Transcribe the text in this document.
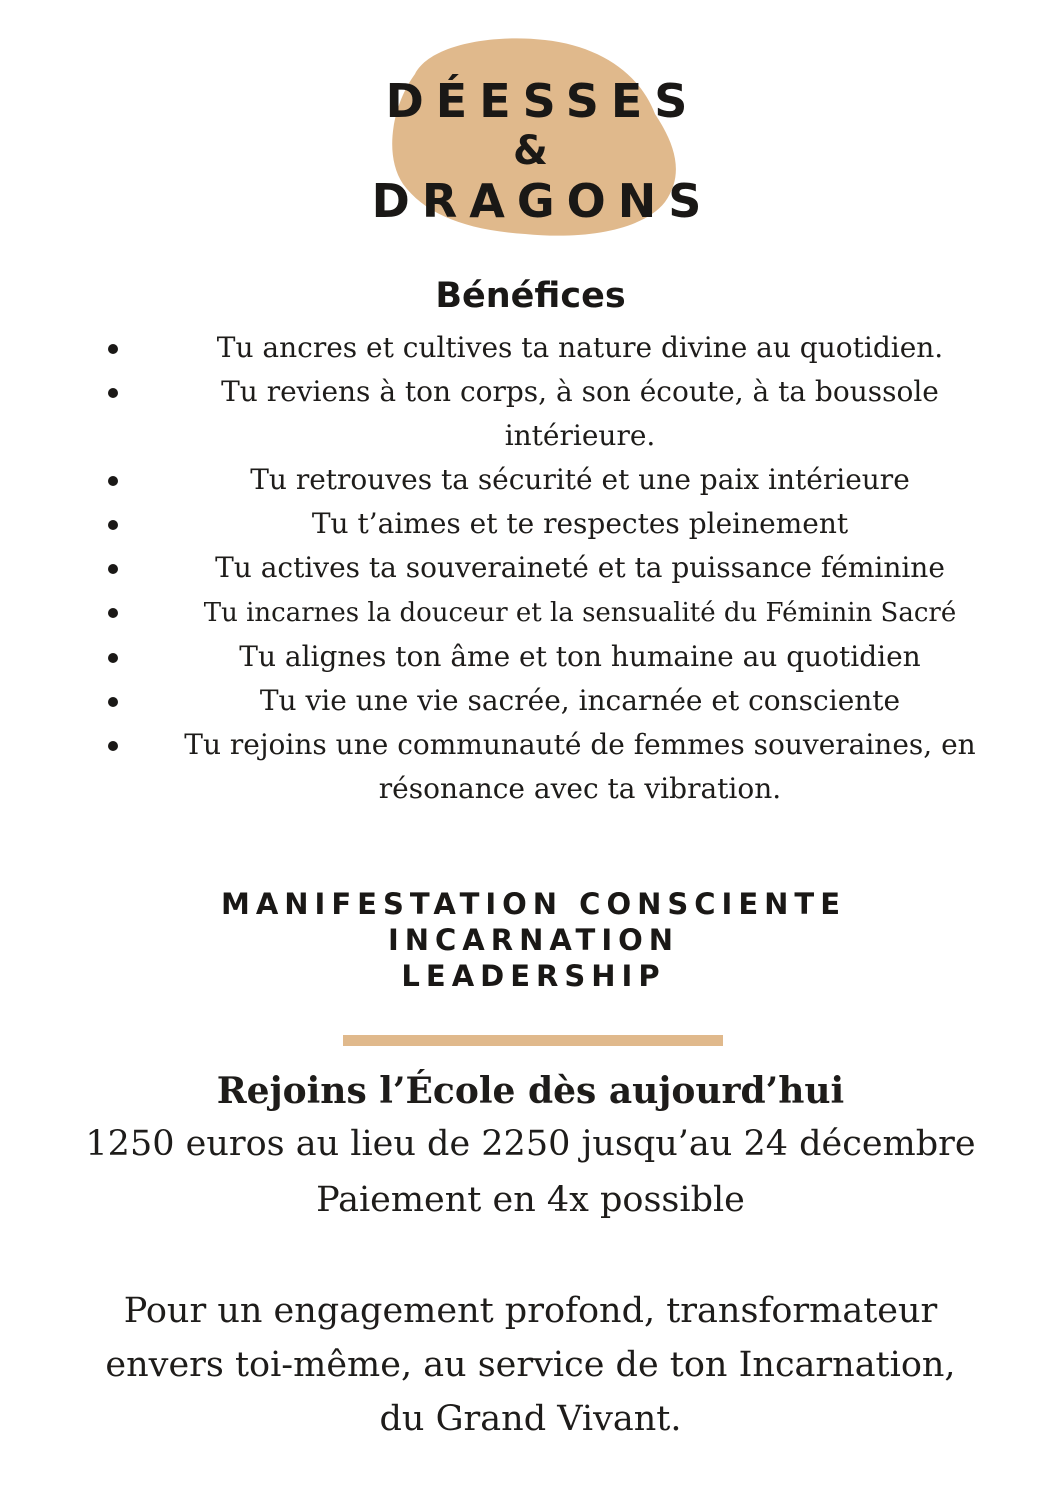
DÉESSES
&
DRAGONS
Bénéfices
Tu ancres et cultives ta nature divine au quotidien.
Tu reviens à ton corps, à son écoute, à ta boussole intérieure.
Tu retrouves ta sécurité et une paix intérieure
Tu t’aimes et te respectes pleinement
Tu actives ta souveraineté et ta puissance féminine
Tu incarnes la douceur et la sensualité du Féminin Sacré
Tu alignes ton âme et ton humaine au quotidien
Tu vie une vie sacrée, incarnée et consciente
Tu rejoins une communauté de femmes souveraines, en résonance avec ta vibration.
MANIFESTATION CONSCIENTE
INCARNATION
LEADERSHIP
Rejoins l’École dès aujourd’hui
1250 euros au lieu de 2250 jusqu’au 24 décembre
Paiement en 4x possible
Pour un engagement profond, transformateur
envers toi-même, au service de ton Incarnation,
du Grand Vivant.
